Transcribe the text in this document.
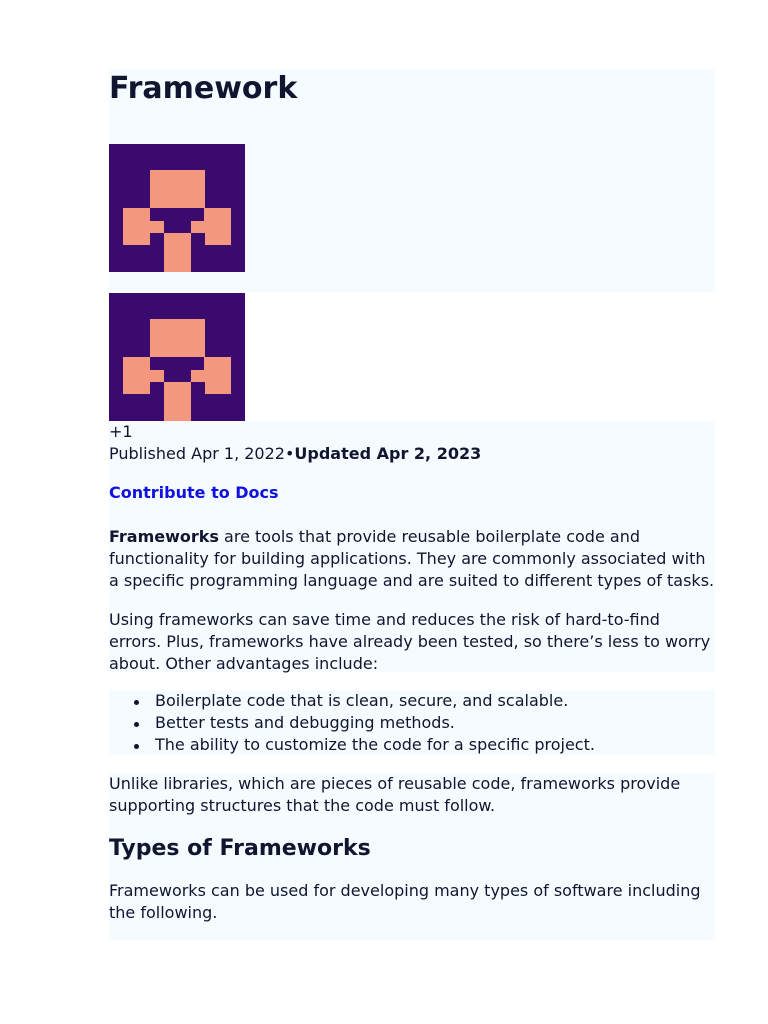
Framework
+1
Published Apr 1, 2022•Updated Apr 2, 2023
Contribute to Docs

Frameworks are tools that provide reusable boilerplate code and functionality for building applications. They are commonly associated with a specific programming language and are suited to different types of tasks.

Using frameworks can save time and reduces the risk of hard-to-find errors. Plus, frameworks have already been tested, so there’s less to worry about. Other advantages include:

Boilerplate code that is clean, secure, and scalable.
Better tests and debugging methods.
The ability to customize the code for a specific project.

Unlike libraries, which are pieces of reusable code, frameworks provide supporting structures that the code must follow.

Types of Frameworks

Frameworks can be used for developing many types of software including the following.
